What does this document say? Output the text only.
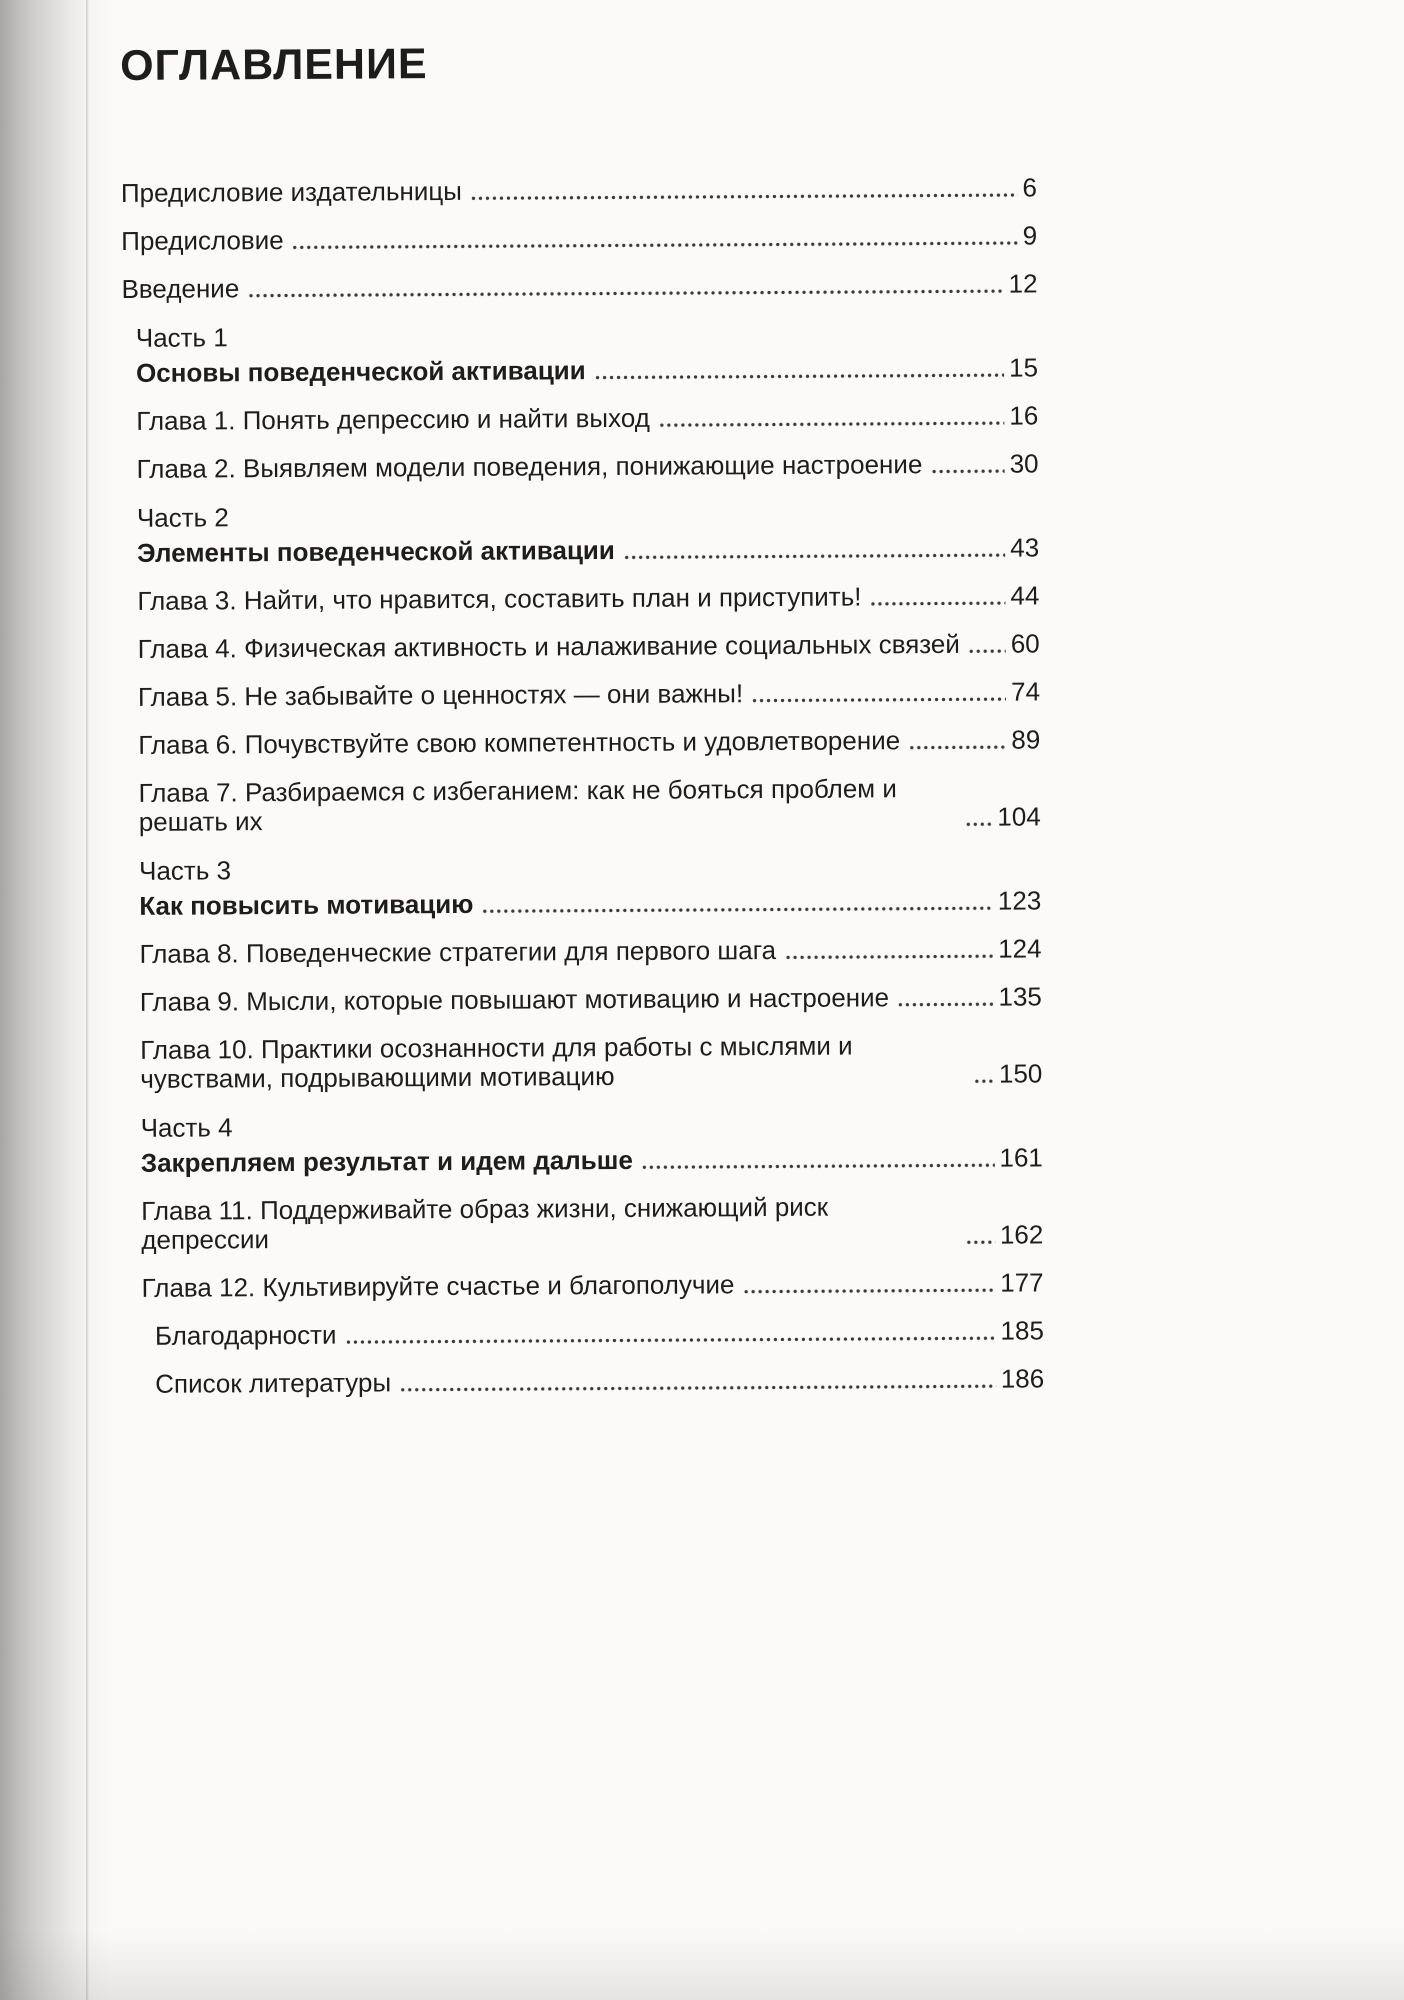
ОГЛАВЛЕНИЕ
Предисловие издательницы	6
Предисловие	9
Введение	12
Часть 1
Основы поведенческой активации	15
Глава 1. Понять депрессию и найти выход	16
Глава 2. Выявляем модели поведения, понижающие настроение	30
Часть 2
Элементы поведенческой активации	43
Глава 3. Найти, что нравится, составить план и приступить!	44
Глава 4. Физическая активность и налаживание социальных связей 60
Глава 5. Не забывайте о ценностях — они важны!	74
Глава 6. Почувствуйте свою компетентность и удовлетворение	89
Глава 7. Разбираемся с избеганием: как не бояться проблем и решать их	104
Часть 3
Как повысить мотивацию	123
Глава 8. Поведенческие стратегии для первого шага	124
Глава 9. Мысли, которые повышают мотивацию и настроение	135
Глава 10. Практики осознанности для работы с мыслями и чувствами, подрывающими мотивацию	150
Часть 4
Закрепляем результат и идем дальше	161
Глава 11. Поддерживайте образ жизни, снижающий риск депрессии	162
Глава 12. Культивируйте счастье и благополучие	177
Благодарности	185
Список литературы	186
